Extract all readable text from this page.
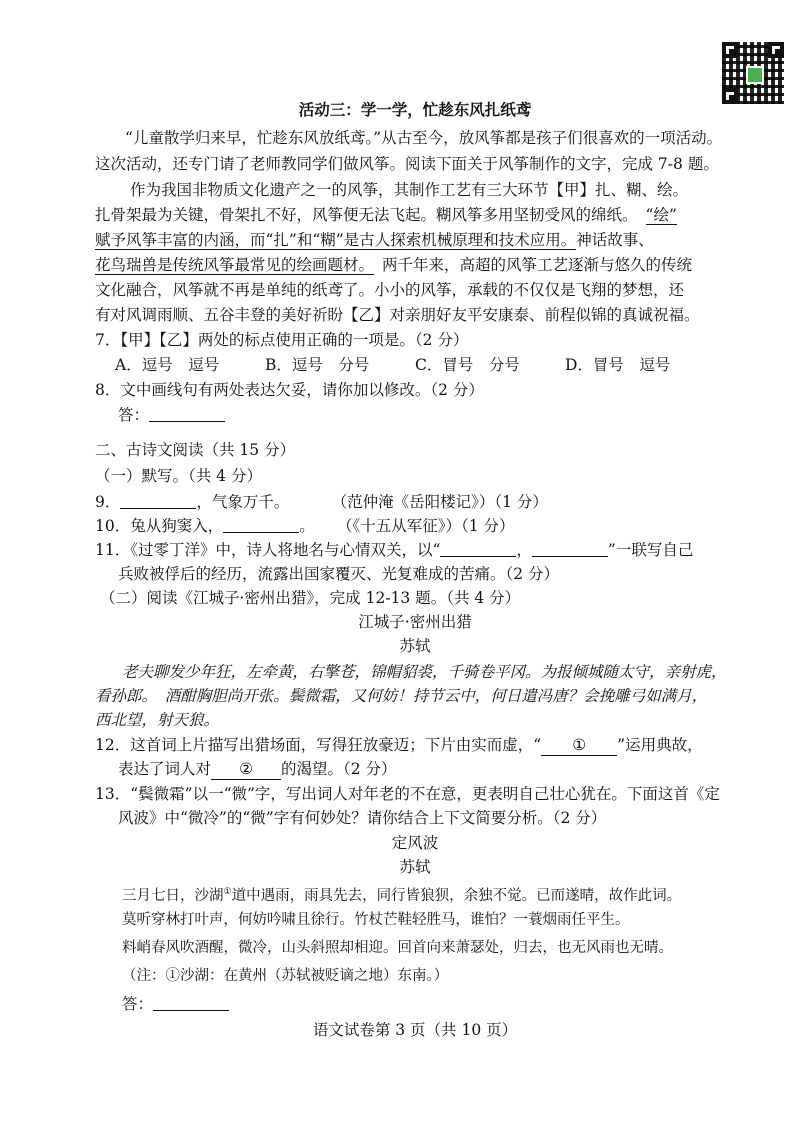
活动三：学一学，忙趁东风扎纸鸢
“儿童散学归来早，忙趁东风放纸鸢。”从古至今，放风筝都是孩子们很喜欢的一项活动。
这次活动，还专门请了老师教同学们做风筝。阅读下面关于风筝制作的文字，完成 7-8 题。
作为我国非物质文化遗产之一的风筝，其制作工艺有三大环节【甲】扎、糊、绘。
扎骨架最为关键，骨架扎不好，风筝便无法飞起。糊风筝多用坚韧受风的绵纸。 “绘”
赋予风筝丰富的内涵，而“扎”和“糊”是古人探索机械原理和技术应用。神话故事、
花鸟瑞兽是传统风筝最常见的绘画题材。 两千年来，高超的风筝工艺逐渐与悠久的传统
文化融合，风筝就不再是单纯的纸鸢了。小小的风筝，承载的不仅仅是飞翔的梦想，还
有对风调雨顺、五谷丰登的美好祈盼【乙】对亲朋好友平安康泰、前程似锦的真诚祝福。
7．【甲】【乙】两处的标点使用正确的一项是。（2 分）
A．逗号　逗号	B．逗号　分号	C．冒号　分号	D．冒号　逗号
8．文中画线句有两处表达欠妥，请你加以修改。（2 分）
答：
二、古诗文阅读（共 15 分）
（一）默写。（共 4 分）
9．	，气象万千。	（范仲淹《岳阳楼记》）（1 分）
10．兔从狗窦入，	。 （《十五从军征》）（1 分）
11．《过零丁洋》中，诗人将地名与心情双关，以“	，	”一联写自己
兵败被俘后的经历，流露出国家覆灭、光复难成的苦痛。（2 分）
（二）阅读《江城子·密州出猎》，完成 12-13 题。（共 4 分）
江城子·密州出猎
苏轼
老夫聊发少年狂，左牵黄，右擎苍，锦帽貂裘，千骑卷平冈。为报倾城随太守，亲射虎，
看孙郎。　酒酣胸胆尚开张。鬓微霜，又何妨！持节云中，何日遣冯唐？会挽雕弓如满月，
西北望，射天狼。
12．这首词上片描写出猎场面，写得狂放豪迈；下片由实而虚，“ ① ”运用典故，
表达了词人对 ② 的渴望。（2 分）
13．“鬓微霜”以一“微”字，写出词人对年老的不在意，更表明自己壮心犹在。下面这首《定
风波》中“微冷”的“微”字有何妙处？请你结合上下文简要分析。（2 分）
定风波
苏轼
三月七日，沙湖①道中遇雨，雨具先去，同行皆狼狈，余独不觉。已而遂晴，故作此词。
莫听穿林打叶声，何妨吟啸且徐行。竹杖芒鞋轻胜马，谁怕？一蓑烟雨任平生。
料峭春风吹酒醒，微冷，山头斜照却相迎。回首向来萧瑟处，归去，也无风雨也无晴。
（注：①沙湖：在黄州（苏轼被贬谪之地）东南。）
答：
语文试卷第 3 页（共 10 页）
